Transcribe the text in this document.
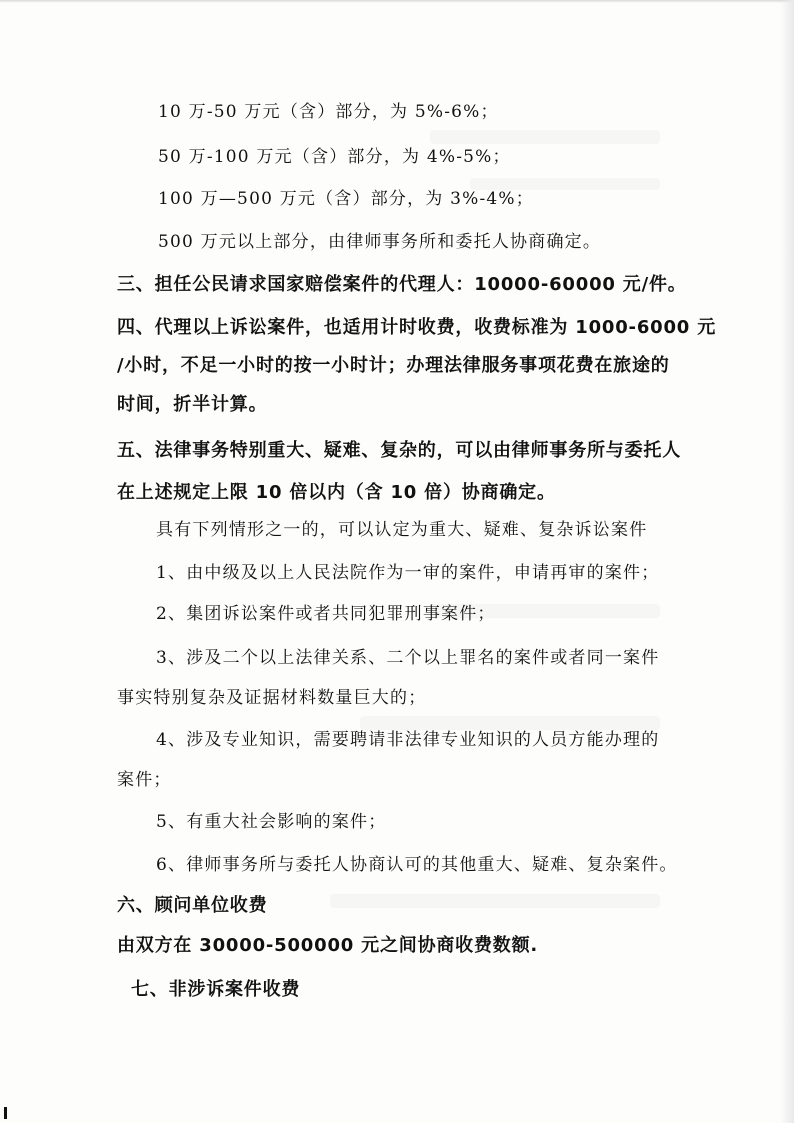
10 万-50 万元（含）部分，为 5%-6%；
50 万-100 万元（含）部分，为 4%-5%；
100 万—500 万元（含）部分，为 3%-4%；
500 万元以上部分，由律师事务所和委托人协商确定。
三、担任公民请求国家赔偿案件的代理人：10000-60000 元/件。
四、代理以上诉讼案件，也适用计时收费，收费标准为 1000-6000 元
/小时，不足一小时的按一小时计；办理法律服务事项花费在旅途的
时间，折半计算。
五、法律事务特别重大、疑难、复杂的，可以由律师事务所与委托人
在上述规定上限 10 倍以内（含 10 倍）协商确定。
具有下列情形之一的，可以认定为重大、疑难、复杂诉讼案件
1、由中级及以上人民法院作为一审的案件，申请再审的案件；
2、集团诉讼案件或者共同犯罪刑事案件；
3、涉及二个以上法律关系、二个以上罪名的案件或者同一案件
事实特别复杂及证据材料数量巨大的；
4、涉及专业知识，需要聘请非法律专业知识的人员方能办理的
案件；
5、有重大社会影响的案件；
6、律师事务所与委托人协商认可的其他重大、疑难、复杂案件。
六、顾问单位收费
由双方在 30000-500000 元之间协商收费数额.
七、非涉诉案件收费
